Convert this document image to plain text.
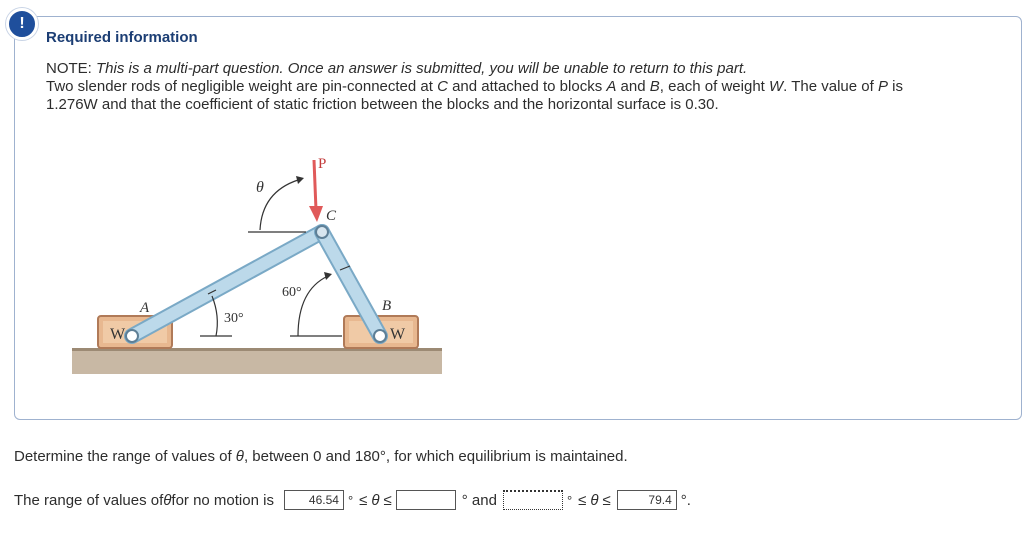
!
Required information
NOTE: This is a multi-part question. Once an answer is submitted, you will be unable to return to this part.
Two slender rods of negligible weight are pin-connected at C and attached to blocks A and B, each of weight W. The value of P is 1.276W and that the coefficient of static friction between the blocks and the horizontal surface is 0.30.
W	W
A	B
C
P
θ
30°
60°
Determine the range of values of θ, between 0 and 180°, for which equilibrium is maintained.
The range of values of θ for no motion is	46.54 ° ≤ θ ≤	° and	° ≤ θ ≤	79.4 °.
